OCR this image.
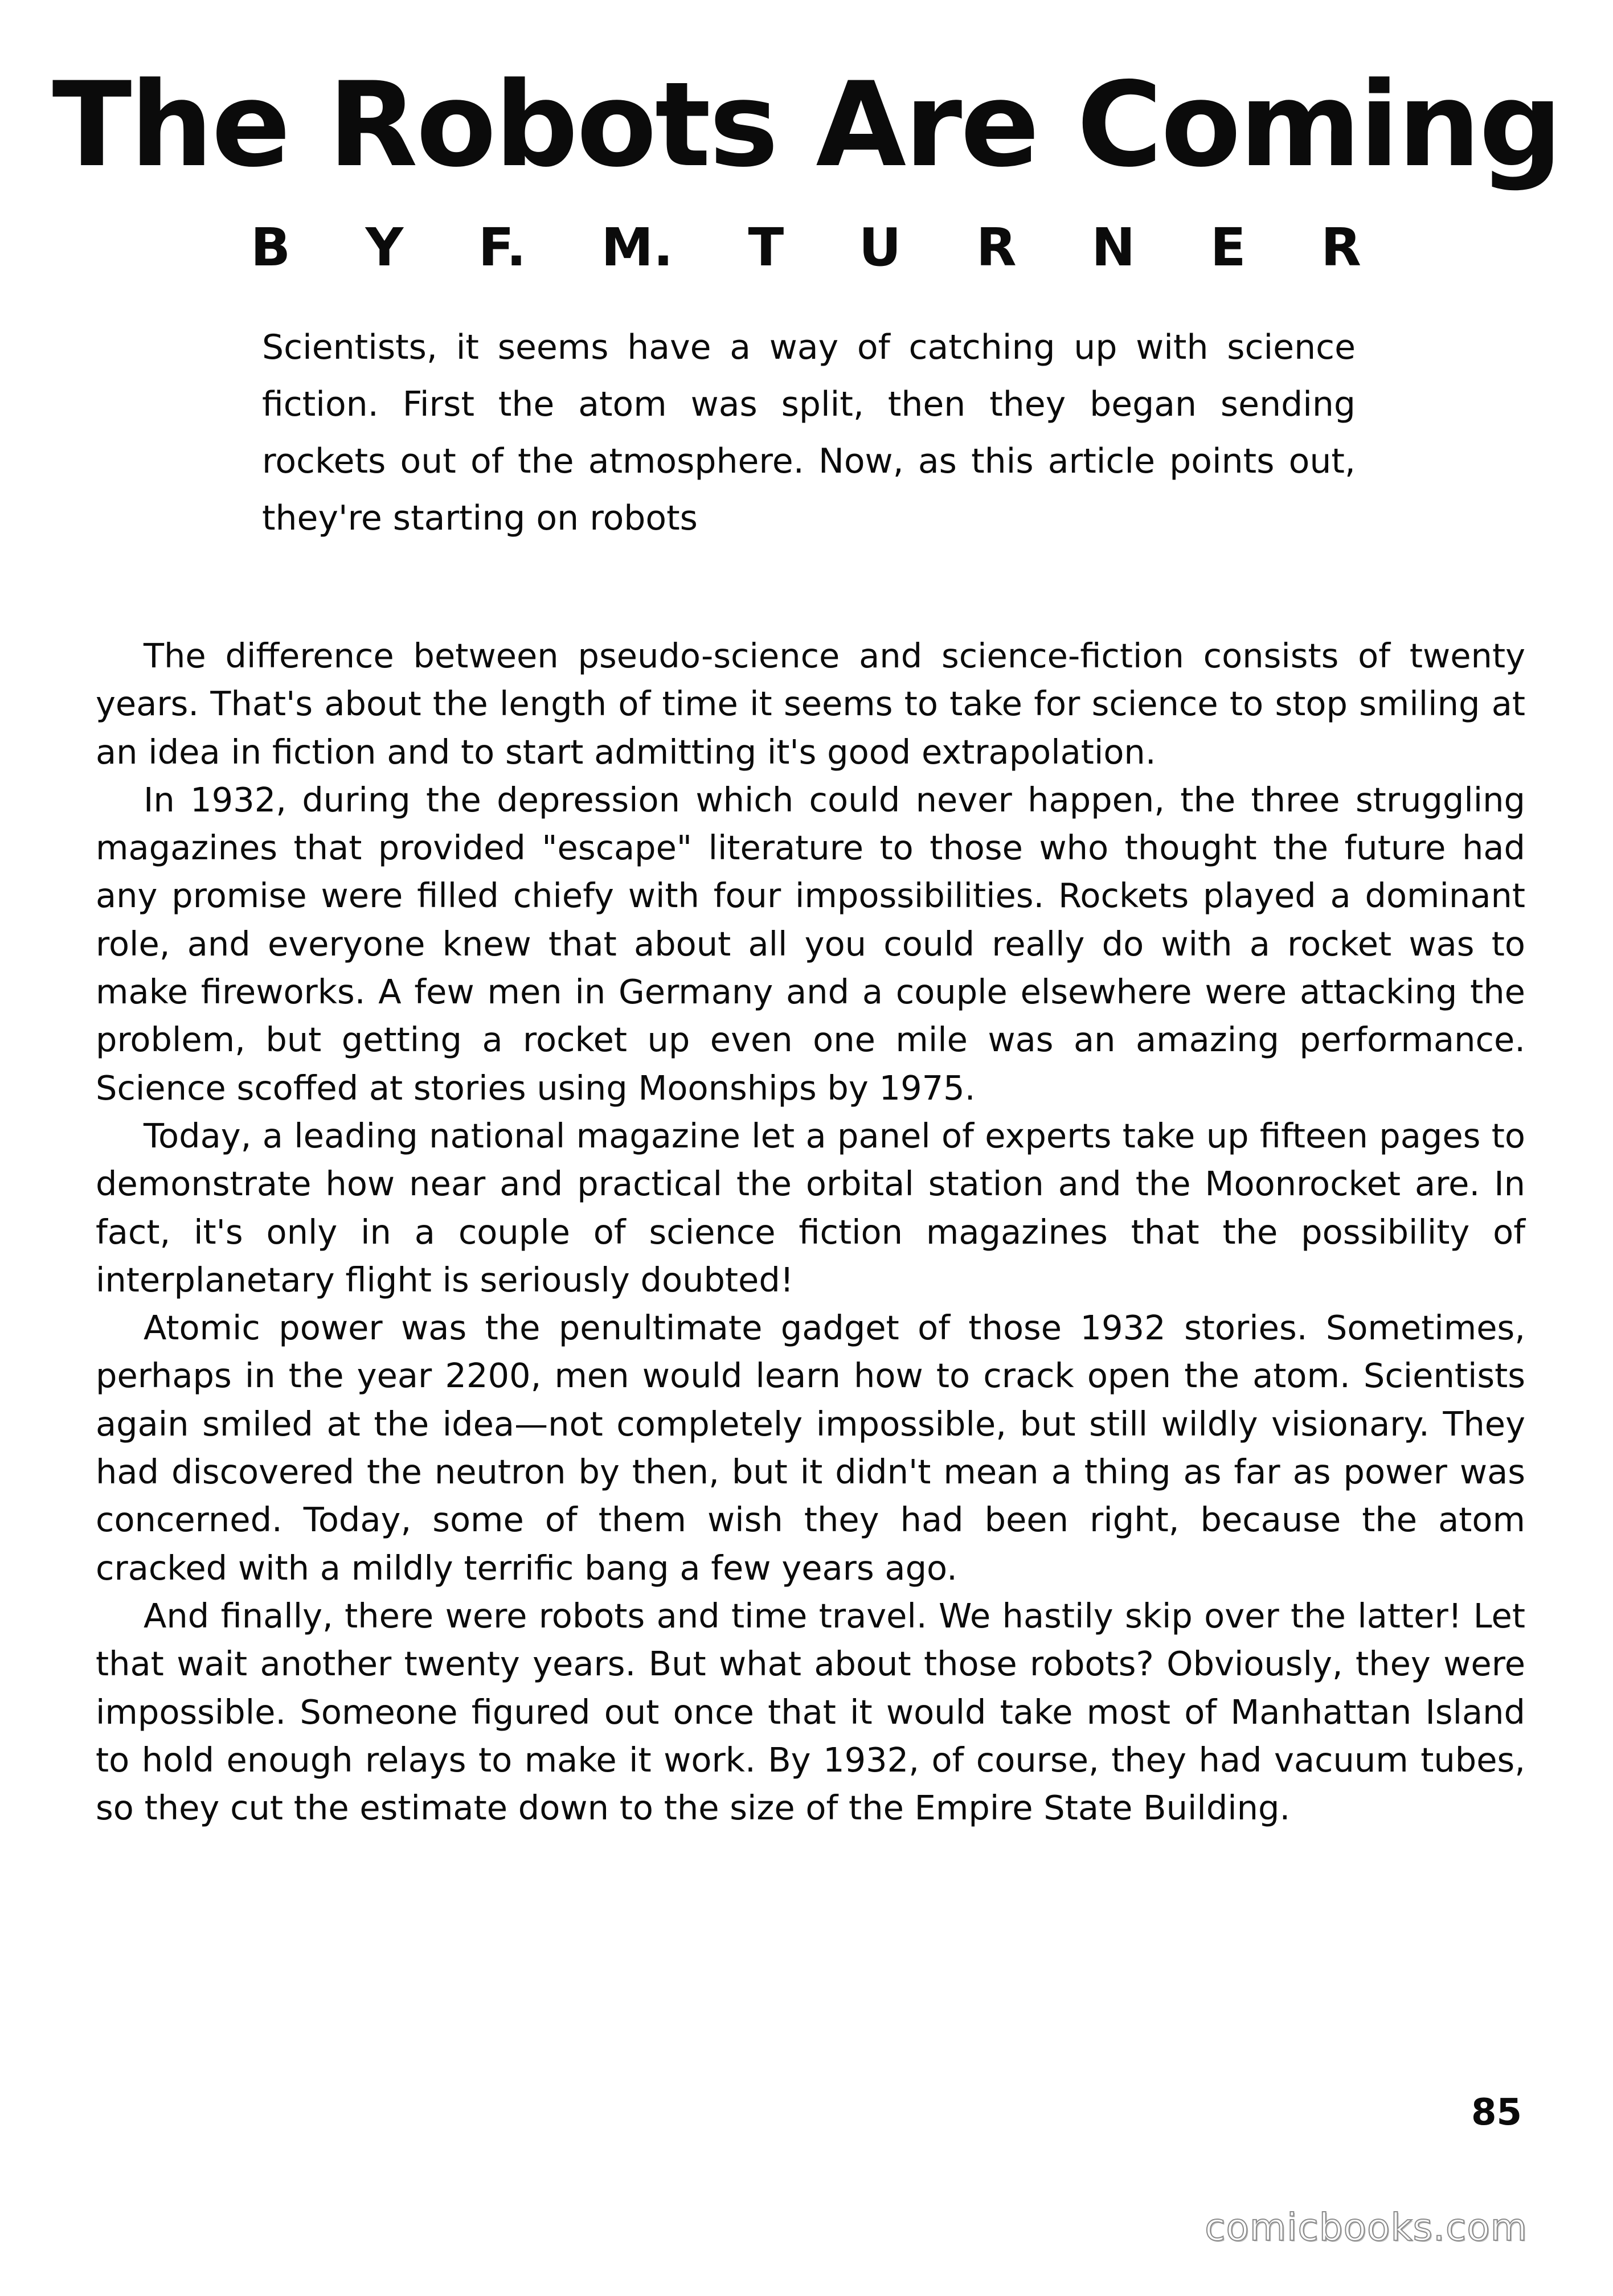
The Robots Are Coming
B Y F. M. T U R N E R

Scientists, it seems have a way of catching up with science fiction. First the atom was split, then they began sending rockets out of the atmosphere. Now, as this article points out, they're starting on robots

The difference between pseudo-science and science-fiction consists of twenty years. That's about the length of time it seems to take for science to stop smiling at an idea in fiction and to start admitting it's good extrapolation.

In 1932, during the depression which could never happen, the three struggling magazines that provided "escape" literature to those who thought the future had any promise were filled chiefy with four impossibilities. Rockets played a dominant role, and everyone knew that about all you could really do with a rocket was to make fireworks. A few men in Germany and a couple elsewhere were attacking the problem, but getting a rocket up even one mile was an amazing performance. Science scoffed at stories using Moonships by 1975.

Today, a leading national magazine let a panel of experts take up fifteen pages to demonstrate how near and practical the orbital station and the Moonrocket are. In fact, it's only in a couple of science fiction magazines that the possibility of interplanetary flight is seriously doubted!

Atomic power was the penultimate gadget of those 1932 stories. Sometimes, perhaps in the year 2200, men would learn how to crack open the atom. Scientists again smiled at the idea—not completely impossible, but still wildly visionary. They had discovered the neutron by then, but it didn't mean a thing as far as power was concerned. Today, some of them wish they had been right, because the atom cracked with a mildly terrific bang a few years ago.

And finally, there were robots and time travel. We hastily skip over the latter! Let that wait another twenty years. But what about those robots? Obviously, they were impossible. Someone figured out once that it would take most of Manhattan Island to hold enough relays to make it work. By 1932, of course, they had vacuum tubes, so they cut the estimate down to the size of the Empire State Building.

85
comicbooks.com
